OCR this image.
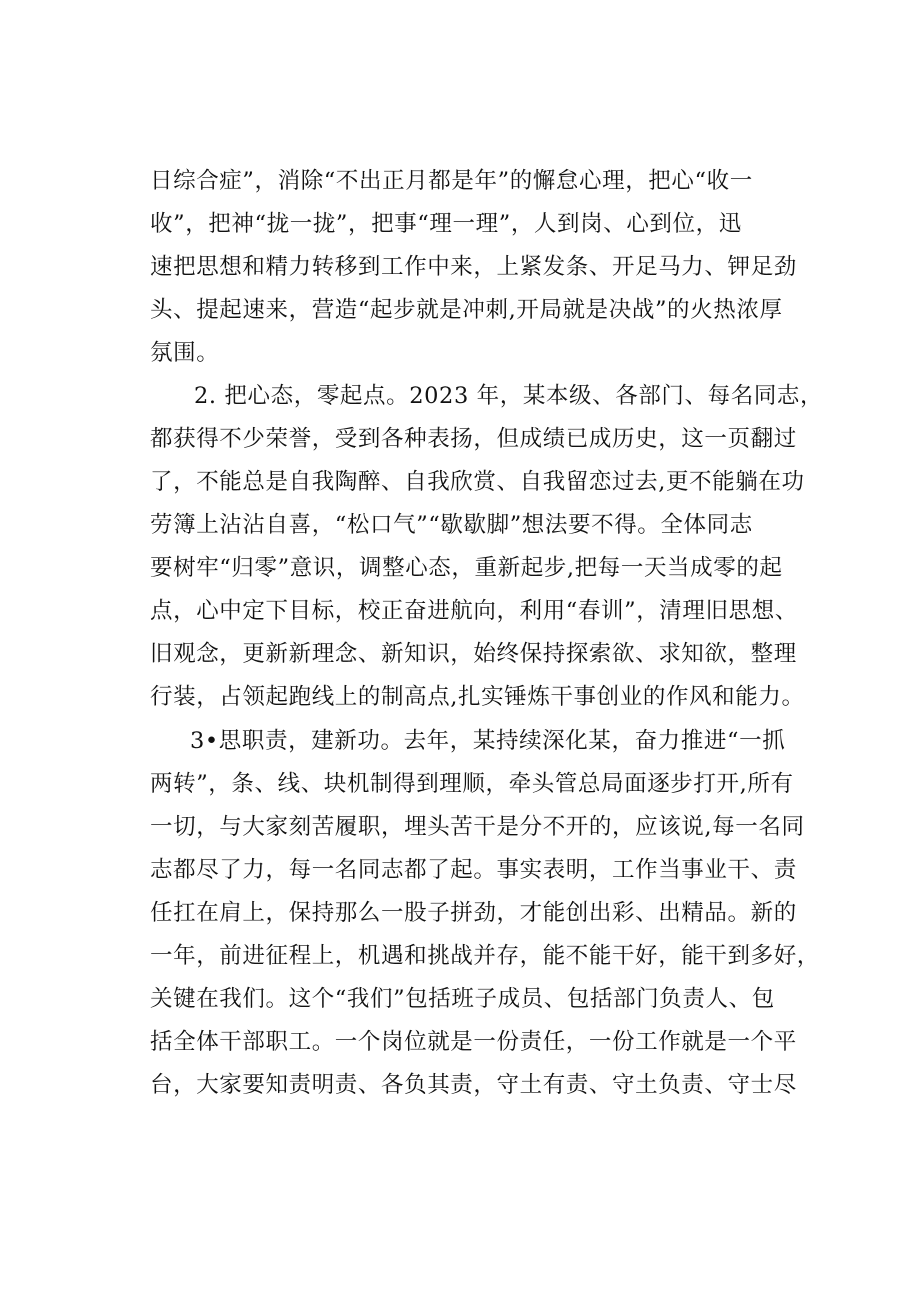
日综合症”，消除“不出正月都是年”的懈怠心理，把心“收一
收”，把神“拢一拢”，把事“理一理”，人到岗、心到位，迅
速把思想和精力转移到工作中来，上紧发条、开足马力、钾足劲
头、提起速来，营造“起步就是冲刺,开局就是决战”的火热浓厚
氛围。
2. 把心态，零起点。2023 年，某本级、各部门、每名同志，
都获得不少荣誉，受到各种表扬，但成绩已成历史，这一页翻过
了，不能总是自我陶醉、自我欣赏、自我留恋过去,更不能躺在功
劳簿上沾沾自喜，“松口气”“歇歇脚”想法要不得。全体同志
要树牢“归零”意识，调整心态，重新起步,把每一天当成零的起
点，心中定下目标，校正奋进航向，利用“春训”，清理旧思想、
旧观念，更新新理念、新知识，始终保持探索欲、求知欲，整理
行装，占领起跑线上的制高点,扎实锤炼干事创业的作风和能力。
3•思职责，建新功。去年，某持续深化某，奋力推进“一抓
两转”，条、线、块机制得到理顺，牵头管总局面逐步打开,所有
一切，与大家刻苦履职，埋头苦干是分不开的，应该说,每一名同
志都尽了力，每一名同志都了起。事实表明，工作当事业干、责
任扛在肩上，保持那么一股子拼劲，才能创出彩、出精品。新的
一年，前进征程上，机遇和挑战并存，能不能干好，能干到多好，
关键在我们。这个“我们”包括班子成员、包括部门负责人、包
括全体干部职工。一个岗位就是一份责任，一份工作就是一个平
台，大家要知责明责、各负其责，守土有责、守土负责、守士尽
